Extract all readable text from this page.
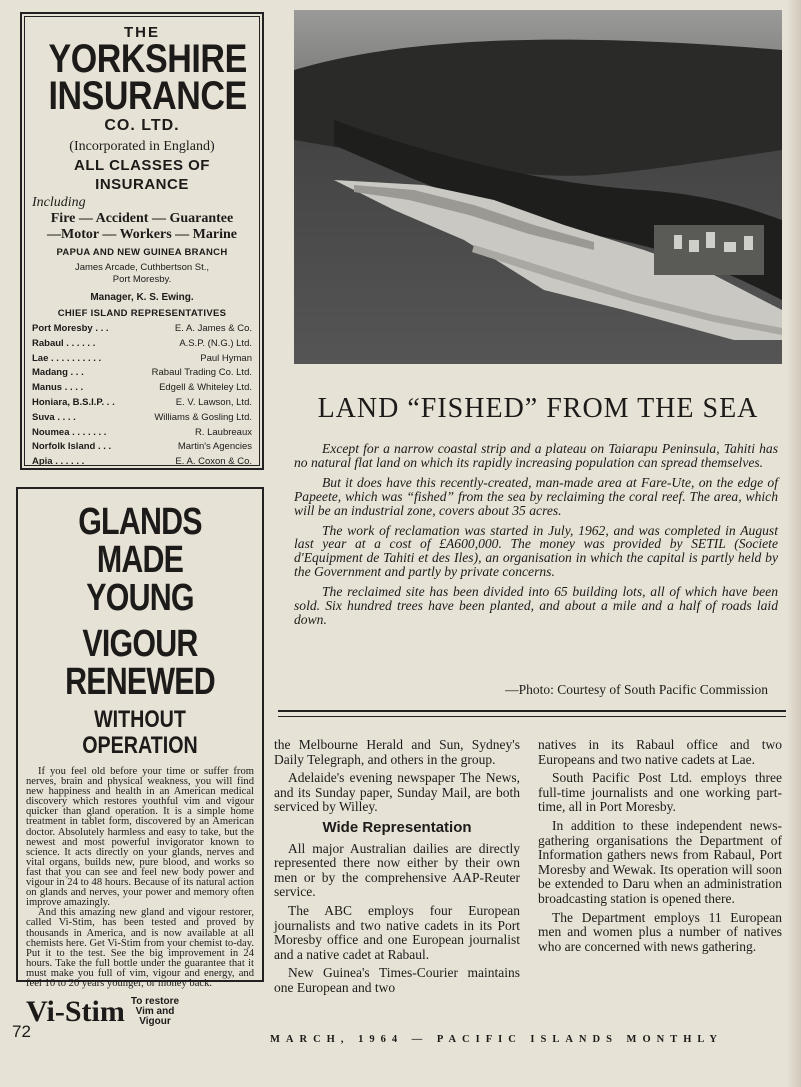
THE
YORKSHIRE
INSURANCE
CO. LTD.
(Incorporated in England)
ALL CLASSES OF
INSURANCE
Including
Fire — Accident — Guarantee
—Motor — Workers — Marine
PAPUA AND NEW GUINEA BRANCH
James Arcade, Cuthbertson St.,
Port Moresby.
Manager, K. S. Ewing.
CHIEF ISLAND REPRESENTATIVES
Port Moresby . . .	E. A. James & Co.
Rabaul . . . . . .	A.S.P. (N.G.) Ltd.
Lae . . . . . . . . . .	Paul Hyman
Madang . . .	Rabaul Trading Co. Ltd.
Manus . . . .	Edgell & Whiteley Ltd.
Honiara, B.S.I.P. . .	E. V. Lawson, Ltd.
Suva . . . .	Williams & Gosling Ltd.
Noumea . . . . . . .	R. Laubreaux
Norfolk Island . . .	Martin's Agencies
Apia . . . . . .	E. A. Coxon & Co.
GLANDS MADE YOUNG
VIGOUR RENEWED
WITHOUT OPERATION

If you feel old before your time or suffer from nerves, brain and physical weakness, you will find new happiness and health in an American medical discovery which restores youthful vim and vigour quicker than gland operation. It is a simple home treatment in tablet form, discovered by an American doctor. Absolutely harmless and easy to take, but the newest and most powerful invigorator known to science. It acts directly on your glands, nerves and vital organs, builds new, pure blood, and works so fast that you can see and feel new body power and vigour in 24 to 48 hours. Because of its natural action on glands and nerves, your power and memory often improve amazingly.

And this amazing new gland and vigour restorer, called Vi-Stim, has been tested and proved by thousands in America, and is now available at all chemists here. Get Vi-Stim from your chemist to-day. Put it to the test. See the big improvement in 24 hours. Take the full bottle under the guarantee that it must make you full of vim, vigour and energy, and feel 10 to 20 years younger, or money back.

Vi-Stim To restore
Vim and
Vigour
LAND “FISHED” FROM THE SEA

Except for a narrow coastal strip and a plateau on Taiarapu Peninsula, Tahiti has no natural flat land on which its rapidly increasing population can spread themselves.

But it does have this recently-created, man-made area at Fare-Ute, on the edge of Papeete, which was “fished” from the sea by reclaiming the coral reef. The area, which will be an industrial zone, covers about 35 acres.

The work of reclamation was started in July, 1962, and was completed in August last year at a cost of £A600,000. The money was provided by SETIL (Societe d'Equipment de Tahiti et des Iles), an organisation in which the capital is partly held by the Government and partly by private concerns.

The reclaimed site has been divided into 65 building lots, all of which have been sold. Six hundred trees have been planted, and about a mile and a half of roads laid down.

—Photo: Courtesy of South Pacific Commission

the Melbourne Herald and Sun, Sydney's Daily Telegraph, and others in the group.

Adelaide's evening newspaper The News, and its Sunday paper, Sunday Mail, are both serviced by Willey.

Wide Representation

All major Australian dailies are directly represented there now either by their own men or by the comprehensive AAP-Reuter service.

The ABC employs four European journalists and two native cadets in its Port Moresby office and one European journalist and a native cadet at Rabaul.

New Guinea's Times-Courier maintains one European and two

natives in its Rabaul office and two Europeans and two native cadets at Lae.

South Pacific Post Ltd. employs three full-time journalists and one working part-time, all in Port Moresby.

In addition to these independent news-gathering organisations the Department of Information gathers news from Rabaul, Port Moresby and Wewak. Its operation will soon be extended to Daru when an administration broadcasting station is opened there.

The Department employs 11 European men and women plus a number of natives who are concerned with news gathering.

72	MARCH, 1964 — PACIFIC ISLANDS MONTHLY
